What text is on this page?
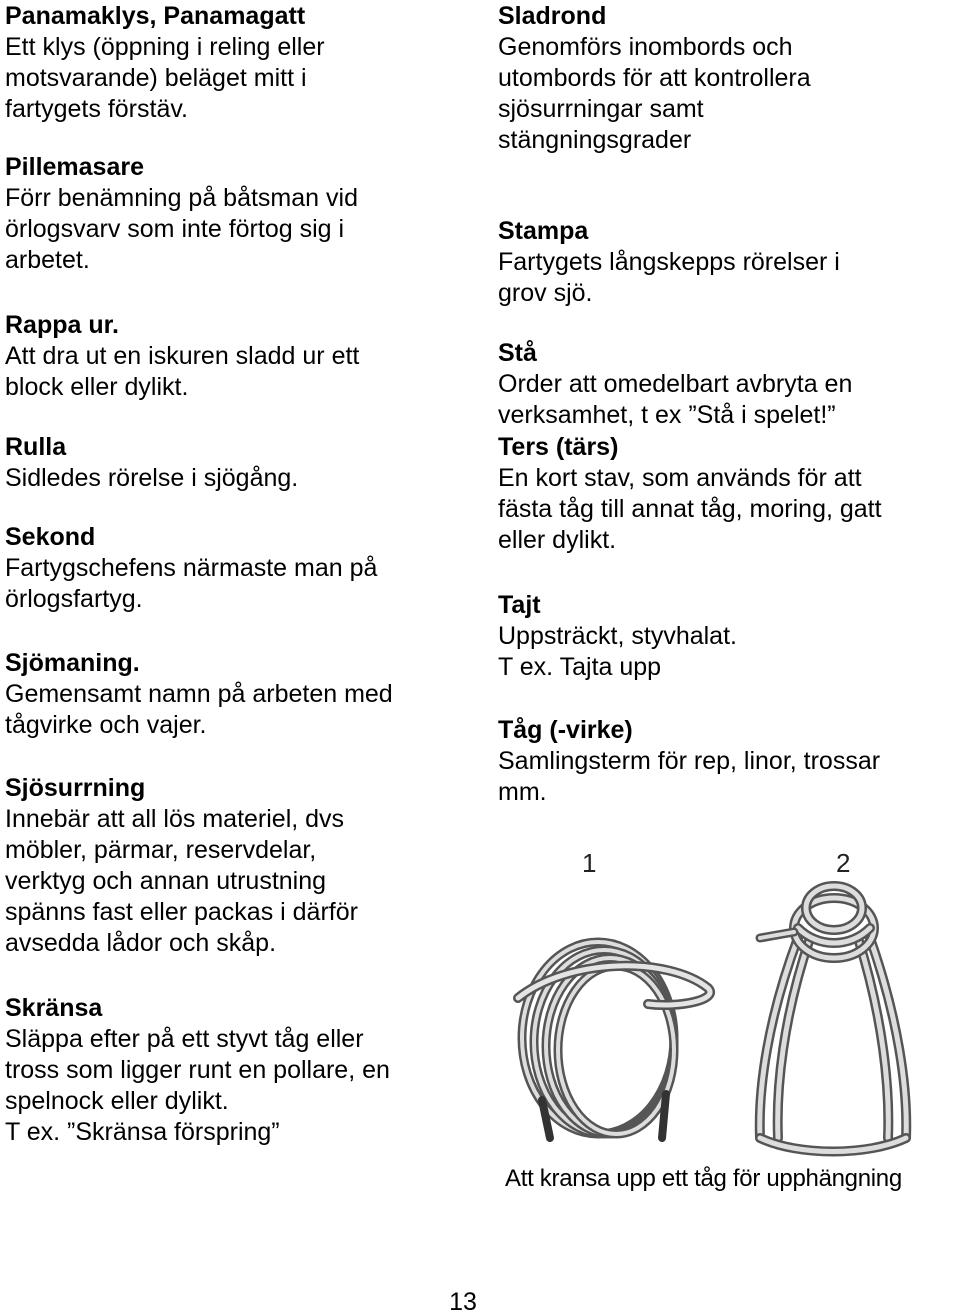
Panamaklys, Panamagatt
Ett klys (öppning i reling eller
motsvarande) beläget mitt i
fartygets förstäv.
Pillemasare
Förr benämning på båtsman vid
örlogsvarv som inte förtog sig i
arbetet.
Rappa ur.
Att dra ut en iskuren sladd ur ett
block eller dylikt.
Rulla
Sidledes rörelse i sjögång.
Sekond
Fartygschefens närmaste man på
örlogsfartyg.
Sjömaning.
Gemensamt namn på arbeten med
tågvirke och vajer.
Sjösurrning
Innebär att all lös materiel, dvs
möbler, pärmar, reservdelar,
verktyg och annan utrustning
spänns fast eller packas i därför
avsedda lådor och skåp.
Skränsa
Släppa efter på ett styvt tåg eller
tross som ligger runt en pollare, en
spelnock eller dylikt.
T ex. ”Skränsa förspring”
Sladrond
Genomförs inombords och
utombords för att kontrollera
sjösurrningar samt
stängningsgrader
Stampa
Fartygets långskepps rörelser i
grov sjö.
Stå
Order att omedelbart avbryta en
verksamhet, t ex ”Stå i spelet!”
Ters (tärs)
En kort stav, som används för att
fästa tåg till annat tåg, moring, gatt
eller dylikt.
Tajt
Uppsträckt, styvhalat.
T ex. Tajta upp
Tåg (-virke)
Samlingsterm för rep, linor, trossar
mm.
1	2
Att kransa upp ett tåg för upphängning
13
